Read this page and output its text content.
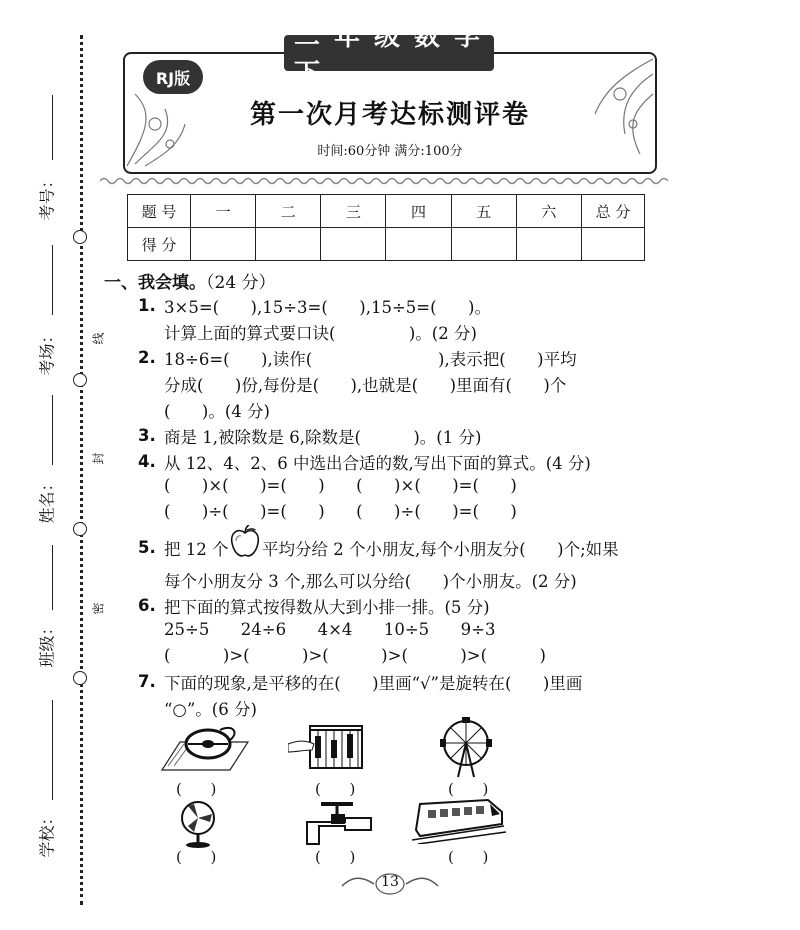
考号：
考场：
姓名：
班级：
学校：
线
封
密
二年级数学下
RJ版
第一次月考达标测评卷
时间:60分钟 满分:100分
题 号	一	二	三	四	五	六	总 分
得 分							
一、我会填。（24 分）
1. 3×5=(      ),15÷3=(      ),15÷5=(      )。
计算上面的算式要口诀(              )。(2 分)
2. 18÷6=(      ),读作(                        ),表示把(      )平均
分成(      )份,每份是(      ),也就是(      )里面有(      )个
(      )。(4 分)
3. 商是 1,被除数是 6,除数是(          )。(1 分)
4. 从 12、4、2、6 中选出合适的数,写出下面的算式。(4 分)
(      )×(      )=(      )      (      )×(      )=(      )
(      )÷(      )=(      )      (      )÷(      )=(      )
5. 把 12 个 平均分给 2 个小朋友,每个小朋友分(      )个;如果
每个小朋友分 3 个,那么可以分给(      )个小朋友。(2 分)
6. 把下面的算式按得数从大到小排一排。(5 分)
25÷5      24÷6      4×4      10÷5      9÷3
(          )>(          )>(          )>(          )>(          )
7. 下面的现象,是平移的在(      )里画“√”是旋转在(      )里画
“○”。(6 分)
(      )	(      )	(      )
(      )	(      )	(      )
13
